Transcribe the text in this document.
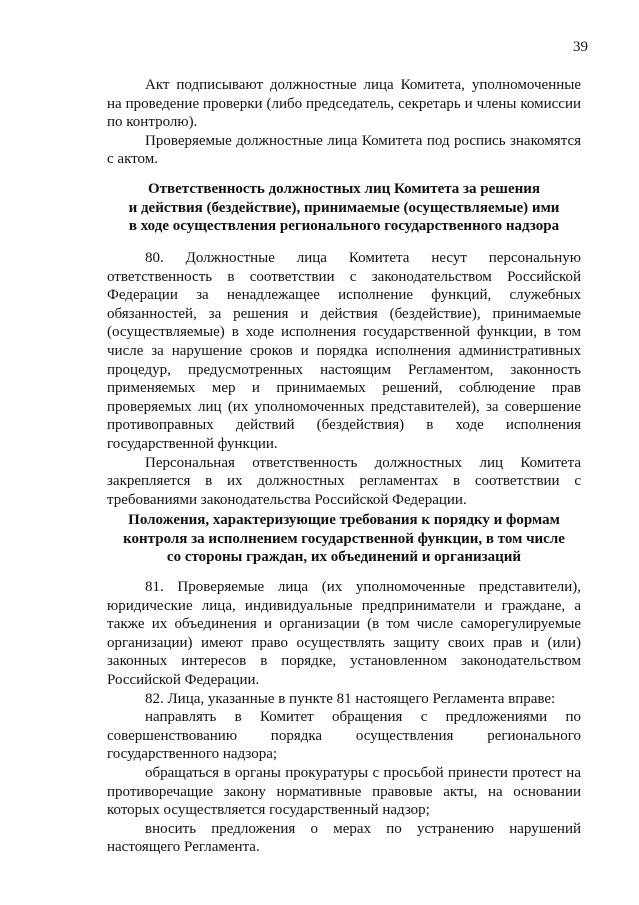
39

Акт подписывают должностные лица Комитета, уполномоченные на проведение проверки (либо председатель, секретарь и члены комиссии по контролю).

Проверяемые должностные лица Комитета под роспись знакомятся с актом.

Ответственность должностных лиц Комитета за решения
и действия (бездействие), принимаемые (осуществляемые) ими
в ходе осуществления регионального государственного надзора

80. Должностные лица Комитета несут персональную ответственность в соответствии с законодательством Российской Федерации за ненадлежащее исполнение функций, служебных обязанностей, за решения и действия (бездействие), принимаемые (осуществляемые) в ходе исполнения государственной функции, в том числе за нарушение сроков и порядка исполнения административных процедур, предусмотренных настоящим Регламентом, законность применяемых мер и принимаемых решений, соблюдение прав проверяемых лиц (их уполномоченных представителей), за совершение противоправных действий (бездействия) в ходе исполнения государственной функции.

Персональная ответственность должностных лиц Комитета закрепляется в их должностных регламентах в соответствии с требованиями законодательства Российской Федерации.

Положения, характеризующие требования к порядку и формам
контроля за исполнением государственной функции, в том числе
со стороны граждан, их объединений и организаций

81. Проверяемые лица (их уполномоченные представители), юридические лица, индивидуальные предприниматели и граждане, а также их объединения и организации (в том числе саморегулируемые организации) имеют право осуществлять защиту своих прав и (или) законных интересов в порядке, установленном законодательством Российской Федерации.

82. Лица, указанные в пункте 81 настоящего Регламента вправе:

направлять в Комитет обращения с предложениями по совершенствованию порядка осуществления регионального государственного надзора;

обращаться в органы прокуратуры с просьбой принести протест на противоречащие закону нормативные правовые акты, на основании которых осуществляется государственный надзор;

вносить предложения о мерах по устранению нарушений настоящего Регламента.
